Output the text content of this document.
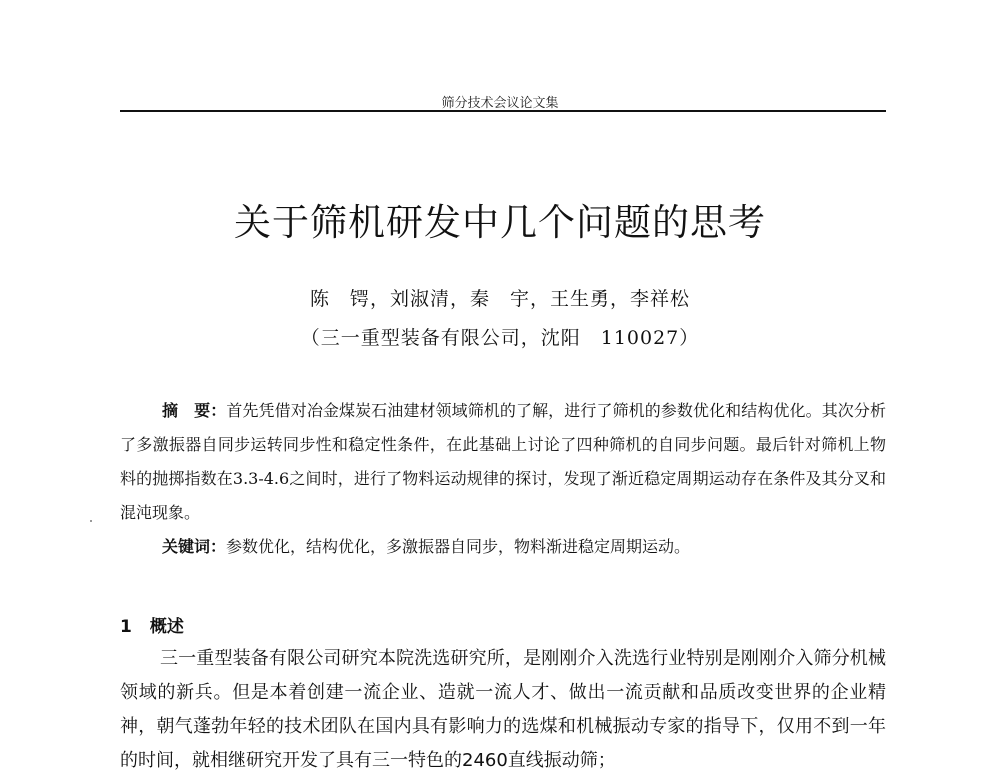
筛分技术会议论文集
关于筛机研发中几个问题的思考
陈　锷，刘淑清，秦　宇，王生勇，李祥松
（三一重型装备有限公司，沈阳　110027）
摘　要：首先凭借对冶金煤炭石油建材领域筛机的了解，进行了筛机的参数优化和结构优化。其次分析了多激振器自同步运转同步性和稳定性条件，在此基础上讨论了四种筛机的自同步问题。最后针对筛机上物料的抛掷指数在3.3-4.6之间时，进行了物料运动规律的探讨，发现了渐近稳定周期运动存在条件及其分叉和混沌现象。
关键词：参数优化，结构优化，多激振器自同步，物料渐进稳定周期运动。
1 概述
三一重型装备有限公司研究本院洗选研究所，是刚刚介入洗选行业特别是刚刚介入筛分机械领域的新兵。但是本着创建一流企业、造就一流人才、做出一流贡献和品质改变世界的企业精神，朝气蓬勃年轻的技术团队在国内具有影响力的选煤和机械振动专家的指导下，仅用不到一年的时间，就相继研究开发了具有三一特色的2460直线振动筛；
